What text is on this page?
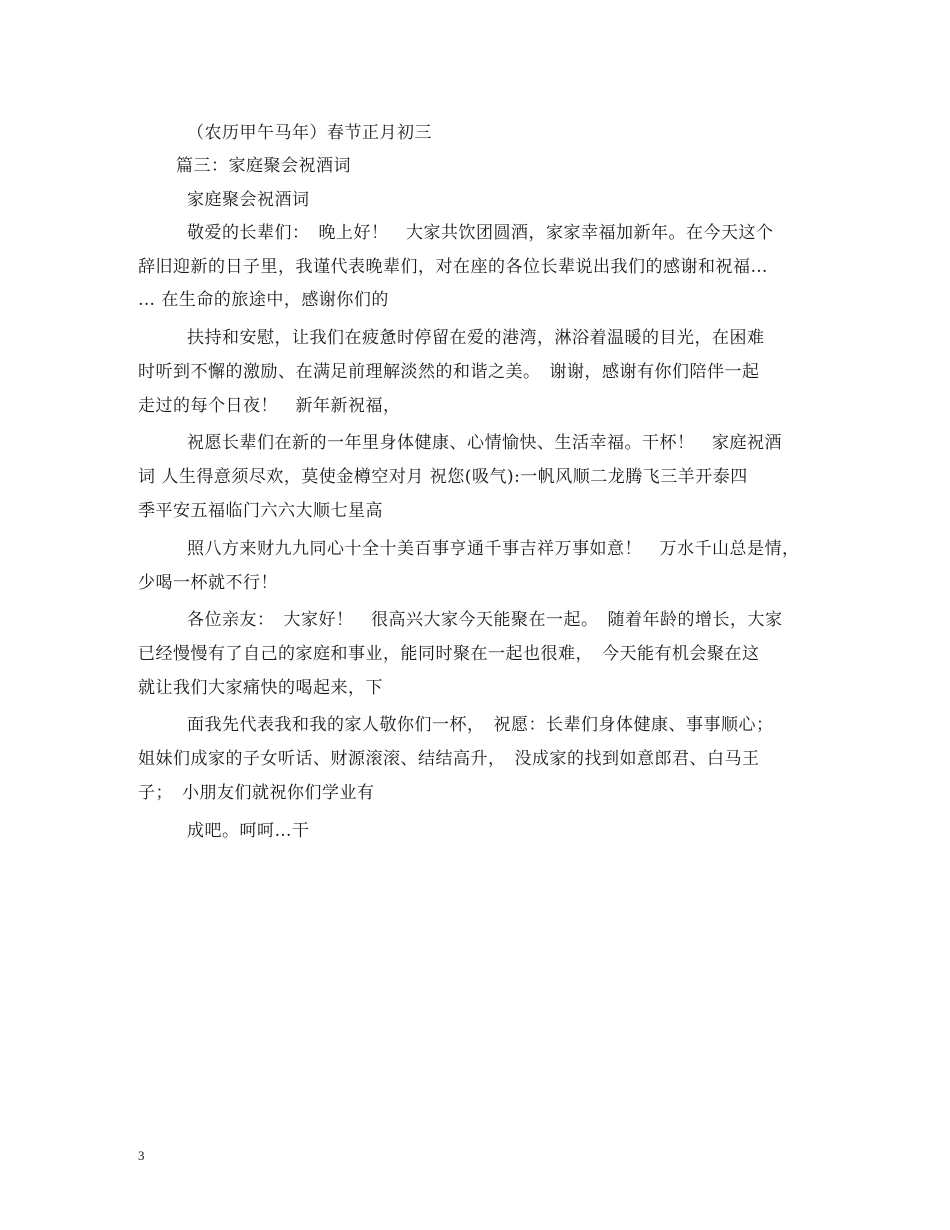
（农历甲午马年）春节正月初三
篇三：家庭聚会祝酒词
家庭聚会祝酒词
敬爱的长辈们：　晚上好！　大家共饮团圆酒，家家幸福加新年。在今天这个
辞旧迎新的日子里，我谨代表晚辈们，对在座的各位长辈说出我们的感谢和祝福…
… 在生命的旅途中，感谢你们的
扶持和安慰，让我们在疲惫时停留在爱的港湾，淋浴着温暖的目光，在困难
时听到不懈的激励、在满足前理解淡然的和谐之美。　谢谢，感谢有你们陪伴一起
走过的每个日夜！　新年新祝福，
祝愿长辈们在新的一年里身体健康、心情愉快、生活幸福。干杯！　家庭祝酒
词 人生得意须尽欢，莫使金樽空对月 祝您(吸气):一帆风顺二龙腾飞三羊开泰四
季平安五福临门六六大顺七星高
照八方来财九九同心十全十美百事亨通千事吉祥万事如意！　万水千山总是情，
少喝一杯就不行！
各位亲友：　大家好！　很高兴大家今天能聚在一起。　随着年龄的增长，大家
已经慢慢有了自己的家庭和事业，能同时聚在一起也很难，　今天能有机会聚在这
就让我们大家痛快的喝起来，下
面我先代表我和我的家人敬你们一杯，　祝愿：长辈们身体健康、事事顺心；
姐妹们成家的子女听话、财源滚滚、结结高升，　没成家的找到如意郎君、白马王
子；　小朋友们就祝你们学业有
成吧。呵呵…干
3
